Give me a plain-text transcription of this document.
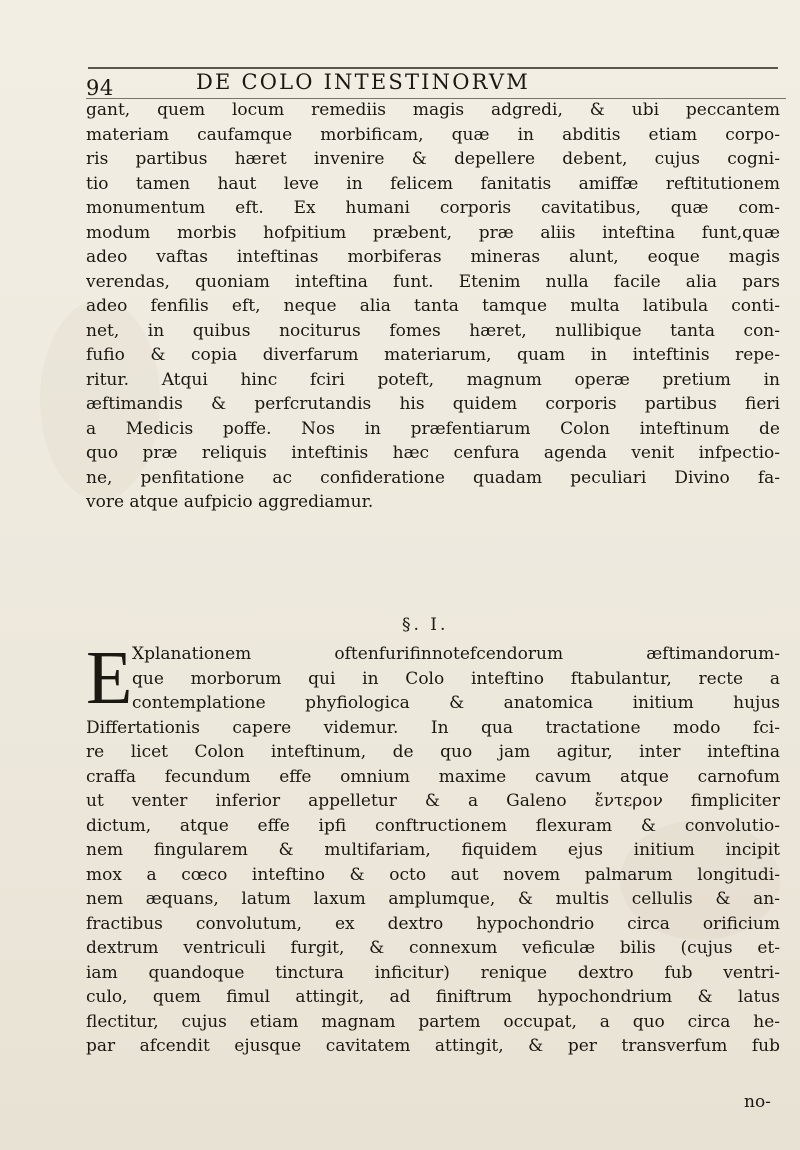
94	DE COLO INTESTINORVM
gant, quem locum remediis magis adgredi, & ubi peccantem
materiam caufamque morbificam, quæ in abditis etiam corpo-
ris partibus hæret invenire & depellere debent, cujus cogni-
tio tamen haut leve in felicem fanitatis amiffæ reftitutionem
monumentum eft. Ex humani corporis cavitatibus, quæ com-
modum morbis hofpitium præbent, præ aliis inteftina funt,quæ
adeo vaftas inteftinas morbiferas mineras alunt, eoque magis
verendas, quoniam inteftina funt. Etenim nulla facile alia pars
adeo fenfilis eft, neque alia tanta tamque multa latibula conti-
net, in quibus nociturus fomes hæret, nullibique tanta con-
fufio & copia diverfarum materiarum, quam in inteftinis repe-
ritur. Atqui hinc fciri poteft, magnum operæ pretium in
æftimandis & perfcrutandis his quidem corporis partibus fieri
a Medicis poffe. Nos in præfentiarum Colon inteftinum de
quo præ reliquis inteftinis hæc cenfura agenda venit infpectio-
ne, penfitatione ac confideratione quadam peculiari Divino fa-
vore atque aufpicio aggrediamur.
§. I.
E Xplanationem oftenfurifinnotefcendorum æftimandorum-
que morborum qui in Colo inteftino ftabulantur, recte a
contemplatione phyfiologica & anatomica initium hujus
Differtationis capere videmur. In qua tractatione modo fci-
re licet Colon inteftinum, de quo jam agitur, inter inteftina
craffa fecundum effe omnium maxime cavum atque carnofum
ut venter inferior appelletur & a Galeno ἔντερον fimpliciter
dictum, atque effe ipfi conftructionem flexuram & convolutio-
nem fingularem & multifariam, fiquidem ejus initium incipit
mox a cœco inteftino & octo aut novem palmarum longitudi-
nem æquans, latum laxum amplumque, & multis cellulis & an-
fractibus convolutum, ex dextro hypochondrio circa orificium
dextrum ventriculi furgit, & connexum veficulæ bilis (cujus et-
iam quandoque tinctura inficitur) renique dextro fub ventri-
culo, quem fimul attingit, ad finiftrum hypochondrium & latus
flectitur, cujus etiam magnam partem occupat, a quo circa he-
par afcendit ejusque cavitatem attingit, & per transverfum fub
no-
